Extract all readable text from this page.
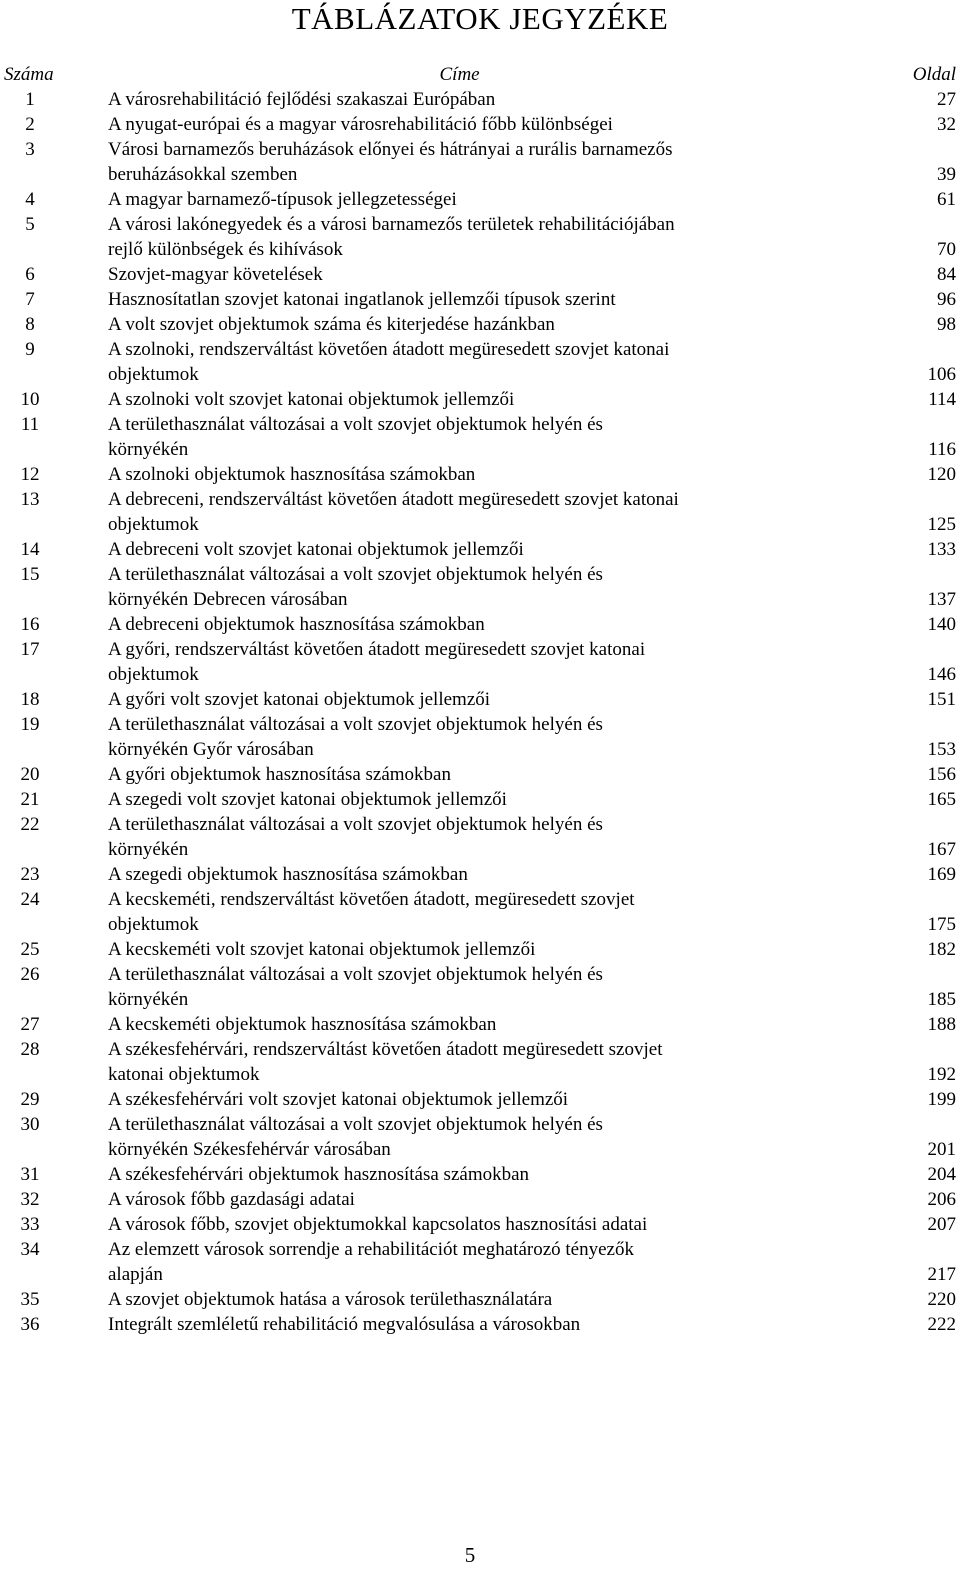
TÁBLÁZATOK JEGYZÉKE
Száma	Címe	Oldal
1	A városrehabilitáció fejlődési szakaszai Európában	27
2	A nyugat-európai és a magyar városrehabilitáció főbb különbségei	32
3	Városi barnamezős beruházások előnyei és hátrányai a rurális barnamezős
beruházásokkal szemben	39
4	A magyar barnamező-típusok jellegzetességei	61
5	A városi lakónegyedek és a városi barnamezős területek rehabilitációjában
rejlő különbségek és kihívások	70
6	Szovjet-magyar követelések	84
7	Hasznosítatlan szovjet katonai ingatlanok jellemzői típusok szerint	96
8	A volt szovjet objektumok száma és kiterjedése hazánkban	98
9	A szolnoki, rendszerváltást követően átadott megüresedett szovjet katonai
objektumok	106
10	A szolnoki volt szovjet katonai objektumok jellemzői	114
11	A területhasználat változásai a volt szovjet objektumok helyén és
környékén	116
12	A szolnoki objektumok hasznosítása számokban	120
13	A debreceni, rendszerváltást követően átadott megüresedett szovjet katonai
objektumok	125
14	A debreceni volt szovjet katonai objektumok jellemzői	133
15	A területhasználat változásai a volt szovjet objektumok helyén és
környékén Debrecen városában	137
16	A debreceni objektumok hasznosítása számokban	140
17	A győri, rendszerváltást követően átadott megüresedett szovjet katonai
objektumok	146
18	A győri volt szovjet katonai objektumok jellemzői	151
19	A területhasználat változásai a volt szovjet objektumok helyén és
környékén Győr városában	153
20	A győri objektumok hasznosítása számokban	156
21	A szegedi volt szovjet katonai objektumok jellemzői	165
22	A területhasználat változásai a volt szovjet objektumok helyén és
környékén	167
23	A szegedi objektumok hasznosítása számokban	169
24	A kecskeméti, rendszerváltást követően átadott, megüresedett szovjet
objektumok	175
25	A kecskeméti volt szovjet katonai objektumok jellemzői	182
26	A területhasználat változásai a volt szovjet objektumok helyén és
környékén	185
27	A kecskeméti objektumok hasznosítása számokban	188
28	A székesfehérvári, rendszerváltást követően átadott megüresedett szovjet
katonai objektumok	192
29	A székesfehérvári volt szovjet katonai objektumok jellemzői	199
30	A területhasználat változásai a volt szovjet objektumok helyén és
környékén Székesfehérvár városában	201
31	A székesfehérvári objektumok hasznosítása számokban	204
32	A városok főbb gazdasági adatai	206
33	A városok főbb, szovjet objektumokkal kapcsolatos hasznosítási adatai	207
34	Az elemzett városok sorrendje a rehabilitációt meghatározó tényezők
alapján	217
35	A szovjet objektumok hatása a városok területhasználatára	220
36	Integrált szemléletű rehabilitáció megvalósulása a városokban	222
5
